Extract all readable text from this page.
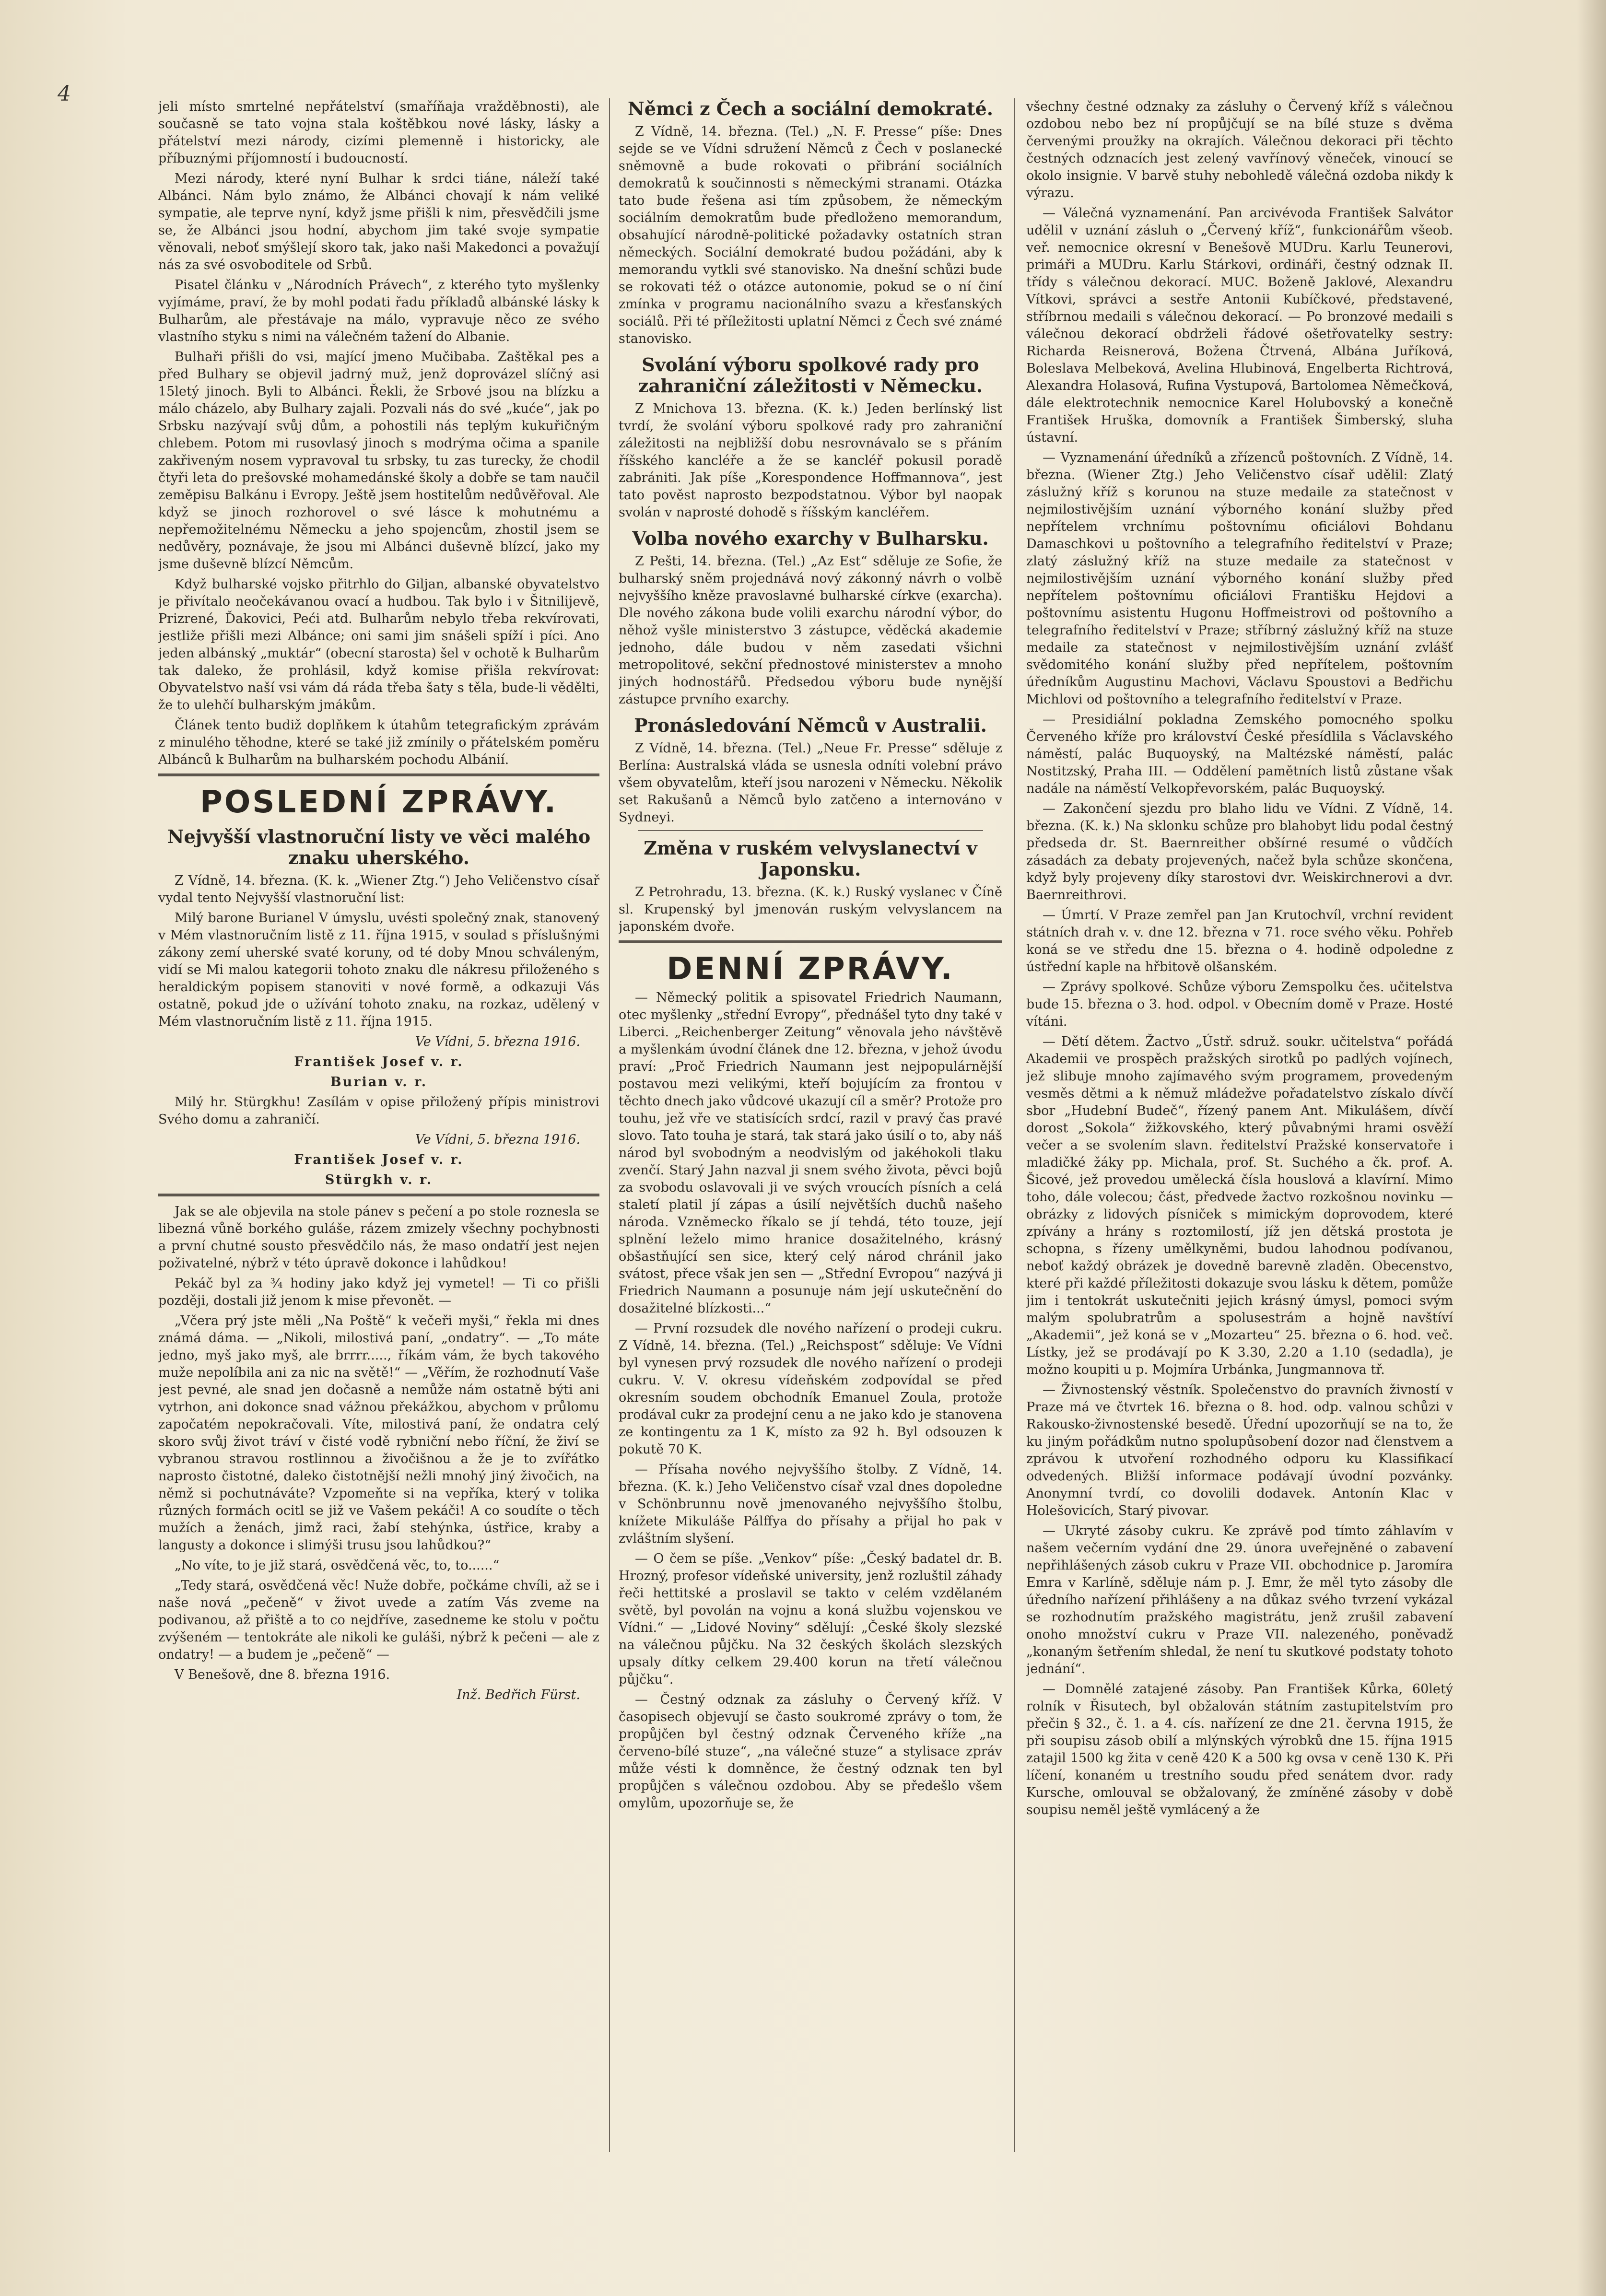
4

jeli místo smrtelné nepřátelství (smaříňaja vražděbnosti), ale současně se tato vojna stala koštěbkou nové lásky, lásky a přátelství mezi národy, cizími plemenně i historicky, ale příbuznými příjomností i budoucností.

Mezi národy, které nyní Bulhar k srdci tiáne, náleží také Albánci. Nám bylo známo, že Albánci chovají k nám veliké sympatie, ale teprve nyní, když jsme přišli k nim, přesvědčili jsme se, že Albánci jsou hodní, abychom jim také svoje sympatie věnovali, neboť smýšlejí skoro tak, jako naši Makedonci a považují nás za své osvoboditele od Srbů.

Pisatel článku v „Národních Právech“, z kterého tyto myšlenky vyjímáme, praví, že by mohl podati řadu příkladů albánské lásky k Bulharům, ale přestávaje na málo, vypravuje něco ze svého vlastního styku s nimi na válečném tažení do Albanie.

Bulhaři přišli do vsi, mající jmeno Mučibaba. Zaštěkal pes a před Bulhary se objevil jadrný muž, jenž doprovázel slíčný asi 15letý jinoch. Byli to Albánci. Řekli, že Srbové jsou na blízku a málo cházelo, aby Bulhary zajali. Pozvali nás do své „kuće“, jak po Srbsku nazývají svůj dům, a pohostili nás teplým kukuřičným chlebem. Potom mi rusovlasý jinoch s modrýma očima a spanile zakřiveným nosem vypravoval tu srbsky, tu zas turecky, že chodil čtyři leta do prešovské mohamedánské školy a dobře se tam naučil zeměpisu Balkánu i Evropy. Ještě jsem hostitelům nedůvěřoval. Ale když se jinoch rozhorovel o své lásce k mohutnému a nepřemožitelnému Německu a jeho spojencům, zhostil jsem se nedůvěry, poznávaje, že jsou mi Albánci duševně blízcí, jako my jsme duševně blízcí Němcům.

Když bulharské vojsko přitrhlo do Giljan, albanské obyvatelstvo je přivítalo neočekávanou ovací a hudbou. Tak bylo i v Šitnilijevě, Prizrené, Ďakovici, Peći atd. Bulharům nebylo třeba rekvírovati, jestliže přišli mezi Albánce; oni sami jim snášeli spíží i píci. Ano jeden albánský „muktár“ (obecní starosta) šel v ochotě k Bulharům tak daleko, že prohlásil, když komise přišla rekvírovat: Obyvatelstvo naší vsi vám dá ráda třeba šaty s těla, bude-li vědělti, že to ulehčí bulharským jmákům.

Článek tento budiž doplňkem k útahům tetegrafickým zprávám z minulého těhodne, které se také již zmínily o přátelském poměru Albánců k Bulharům na bulharském pochodu Albánií.

POSLEDNÍ ZPRÁVY.
Nejvyšší vlastnoruční listy ve věci malého znaku uherského.

Z Vídně, 14. března. (K. k. „Wiener Ztg.“) Jeho Veličenstvo císař vydal tento Nejvyšší vlastnoruční list:

Milý barone Burianel V úmyslu, uvésti společný znak, stanovený v Mém vlastnoručním listě z 11. října 1915, v soulad s příslušnými zákony zemí uherské svaté koruny, od té doby Mnou schváleným, vidí se Mi malou kategorii tohoto znaku dle nákresu přiloženého s heraldickým popisem stanoviti v nové formě, a odkazuji Vás ostatně, pokud jde o užívání tohoto znaku, na rozkaz, udělený v Mém vlastnoručním listě z 11. října 1915.

Ve Vídni, 5. března 1916.

František Josef v. r.

Burian v. r.

Milý hr. Stürgkhu! Zasílám v opise přiložený přípis ministrovi Svého domu a zahraničí.

Ve Vídni, 5. března 1916.

František Josef v. r.

Stürgkh v. r.

Jak se ale objevila na stole pánev s pečení a po stole roznesla se libezná vůně borkého guláše, rázem zmizely všechny pochybnosti a první chutné sousto přesvědčilo nás, že maso ondatří jest nejen poživatelné, nýbrž v této úpravě dokonce i lahůdkou!

Pekáč byl za ¾ hodiny jako když jej vymetel! — Ti co přišli později, dostali již jenom k mise převonět. —

„Včera prý jste měli „Na Poště“ k večeři myši,“ řekla mi dnes známá dáma. — „Nikoli, milostivá paní, „ondatry“. — „To máte jedno, myš jako myš, ale brrrr....., říkám vám, že bych takového muže nepolíbila ani za nic na světě!“ — „Věřím, že rozhodnutí Vaše jest pevné, ale snad jen dočasně a nemůže nám ostatně býti ani vytrhon, ani dokonce snad vážnou překážkou, abychom v průlomu započatém nepokračovali. Víte, milostivá paní, že ondatra celý skoro svůj život tráví v čisté vodě rybniční nebo říční, že živí se vybranou stravou rostlinnou a živočišnou a že je to zvířátko naprosto čistotné, daleko čistotnější nežli mnohý jiný živočich, na němž si pochutnáváte? Vzpomeňte si na vepříka, který v tolika různých formách ocitl se již ve Vašem pekáči! A co soudíte o těch mužích a ženách, jimž raci, žabí stehýnka, ústřice, kraby a langusty a dokonce i slimýši trusu jsou lahůdkou?“

„No víte, to je již stará, osvědčená věc, to, to......“

„Tedy stará, osvědčená věc! Nuže dobře, počkáme chvíli, až se i naše nová „pečeně“ v život uvede a zatím Vás zveme na podivanou, až přiště a to co nejdříve, zasedneme ke stolu v počtu zvýšeném — tentokráte ale nikoli ke guláši, nýbrž k pečeni — ale z ondatry! — a budem je „pečeně“ —

V Benešově, dne 8. března 1916.

Inž. Bedřich Fürst.

Němci z Čech a sociální demokraté.

Z Vídně, 14. března. (Tel.) „N. F. Presse“ píše: Dnes sejde se ve Vídni sdružení Němců z Čech v poslanecké sněmovně a bude rokovati o přibrání sociálních demokratů k součinnosti s německými stranami. Otázka tato bude řešena asi tím způsobem, že německým sociálním demokratům bude předloženo memorandum, obsahující národně-politické požadavky ostatních stran německých. Sociální demokraté budou požádáni, aby k memorandu vytkli své stanovisko. Na dnešní schůzi bude se rokovati též o otázce autonomie, pokud se o ní činí zmínka v programu nacionálního svazu a křesťanských sociálů. Při té příležitosti uplatní Němci z Čech své známé stanovisko.

Svolání výboru spolkové rady pro zahraniční záležitosti v Německu.

Z Mnichova 13. března. (K. k.) Jeden berlínský list tvrdí, že svolání výboru spolkové rady pro zahraniční záležitosti na nejbližší dobu nesrovnávalo se s přáním říšského kancléře a že se kancléř pokusil poradě zabrániti. Jak píše „Korespondence Hoffmannova“, jest tato pověst naprosto bezpodstatnou. Výbor byl naopak svolán v naprosté dohodě s říšským kancléřem.

Volba nového exarchy v Bulharsku.

Z Pešti, 14. března. (Tel.) „Az Est“ sděluje ze Sofie, že bulharský sněm projednává nový zákonný návrh o volbě nejvyššího kněze pravoslavné bulharské církve (exarcha). Dle nového zákona bude volili exarchu národní výbor, do něhož vyšle ministerstvo 3 zástupce, věděcká akademie jednoho, dále budou v něm zasedati všichni metropolitové, sekční přednostové ministerstev a mnoho jiných hodnostářů. Předsedou výboru bude nynější zástupce prvního exarchy.

Pronásledování Němců v Australii.

Z Vídně, 14. března. (Tel.) „Neue Fr. Presse“ sděluje z Berlína: Australská vláda se usnesla odníti volební právo všem obyvatelům, kteří jsou narozeni v Německu. Několik set Rakušanů a Němců bylo zatčeno a internováno v Sydneyi.

Změna v ruském velvyslanectví v Japonsku.

Z Petrohradu, 13. března. (K. k.) Ruský vyslanec v Číně sl. Krupenský byl jmenován ruským velvyslancem na japonském dvoře.

DENNÍ ZPRÁVY.

— Německý politik a spisovatel Friedrich Naumann, otec myšlenky „střední Evropy“, přednášel tyto dny také v Liberci. „Reichenberger Zeitung“ věnovala jeho návštěvě a myšlenkám úvodní článek dne 12. března, v jehož úvodu praví: „Proč Friedrich Naumann jest nejpopulárnější postavou mezi velikými, kteří bojujícím za frontou v těchto dnech jako vůdcové ukazují cíl a směr? Protože pro touhu, jež vře ve statisících srdcí, razil v pravý čas pravé slovo. Tato touha je stará, tak stará jako úsilí o to, aby náš národ byl svobodným a neodvislým od jakéhokoli tlaku zvenčí. Starý Jahn nazval ji snem svého života, pěvci bojů za svobodu oslavovali ji ve svých vroucích písních a celá staletí platil jí zápas a úsilí největších duchů našeho národa. Vzněmecko říkalo se jí tehdá, této touze, její splnění leželo mimo hranice dosažitelného, krásný obšastňující sen sice, který celý národ chránil jako svátost, přece však jen sen — „Střední Evropou“ nazývá ji Friedrich Naumann a posunuje nám její uskutečnění do dosažitelné blízkosti...“

— První rozsudek dle nového nařízení o prodeji cukru. Z Vídně, 14. března. (Tel.) „Reichspost“ sděluje: Ve Vídni byl vynesen prvý rozsudek dle nového nařízení o prodeji cukru. V. V. okresu vídeňském zodpovídal se před okresním soudem obchodník Emanuel Zoula, protože prodával cukr za prodejní cenu a ne jako kdo je stanovena ze kontingentu za 1 K, místo za 92 h. Byl odsouzen k pokutě 70 K.

— Přísaha nového nejvyššího štolby. Z Vídně, 14. března. (K. k.) Jeho Veličenstvo císař vzal dnes dopoledne v Schönbrunnu nově jmenovaného nejvyššího štolbu, knížete Mikuláše Pálffya do přísahy a přijal ho pak v zvláštním slyšení.

— O čem se píše. „Venkov“ píše: „Český badatel dr. B. Hrozný, profesor vídeňské university, jenž rozluštil záhady řeči hettitské a proslavil se takto v celém vzdělaném světě, byl povolán na vojnu a koná službu vojenskou ve Vídni.“ — „Lidové Noviny“ sdělují: „České školy slezské na válečnou půjčku. Na 32 českých školách slezských upsaly dítky celkem 29.400 korun na třetí válečnou půjčku“.

— Čestný odznak za zásluhy o Červený kříž. V časopisech objevují se často soukromé zprávy o tom, že propůjčen byl čestný odznak Červeného kříže „na červeno-bílé stuze“, „na válečné stuze“ a stylisace zpráv může vésti k domněnce, že čestný odznak ten byl propůjčen s válečnou ozdobou. Aby se předešlo všem omylům, upozorňuje se, že

všechny čestné odznaky za zásluhy o Červený kříž s válečnou ozdobou nebo bez ní propůjčují se na bílé stuze s dvěma červenými proužky na okrajích. Válečnou dekoraci při těchto čestných odznacích jest zelený vavřínový věneček, vinoucí se okolo insignie. V barvě stuhy nebohledě válečná ozdoba nikdy k výrazu.

— Válečná vyznamenání. Pan arcivévoda František Salvátor udělil v uznání zásluh o „Červený kříž“, funkcionářům všeob. veř. nemocnice okresní v Benešově MUDru. Karlu Teunerovi, primáři a MUDru. Karlu Stárkovi, ordináři, čestný odznak II. třídy s válečnou dekorací. MUC. Boženě Jaklové, Alexandru Vítkovi, správci a sestře Antonii Kubíčkové, představené, stříbrnou medaili s válečnou dekorací. — Po bronzové medaili s válečnou dekorací obdrželi řádové ošetřovatelky sestry: Richarda Reisnerová, Božena Čtrvená, Albána Juříková, Boleslava Melbeková, Avelina Hlubinová, Engelberta Richtrová, Alexandra Holasová, Rufina Vystupová, Bartolomea Němečková, dále elektrotechnik nemocnice Karel Holubovský a konečně František Hruška, domovník a František Šimberský, sluha ústavní.

— Vyznamenání úředníků a zřízenců poštovních. Z Vídně, 14. března. (Wiener Ztg.) Jeho Veličenstvo císař udělil: Zlatý záslužný kříž s korunou na stuze medaile za statečnost v nejmilostivějším uznání výborného konání služby před nepřítelem vrchnímu poštovnímu oficiálovi Bohdanu Damaschkovi u poštovního a telegrafního ředitelství v Praze; zlatý záslužný kříž na stuze medaile za statečnost v nejmilostivějším uznání výborného konání služby před nepřítelem poštovnímu oficiálovi Františku Hejdovi a poštovnímu asistentu Hugonu Hoffmeistrovi od poštovního a telegrafního ředitelství v Praze; stříbrný záslužný kříž na stuze medaile za statečnost v nejmilostivějším uznání zvlášť svědomitého konání služby před nepřítelem, poštovním úředníkům Augustinu Machovi, Václavu Spoustovi a Bedřichu Michlovi od poštovního a telegrafního ředitelství v Praze.

— Presidiální pokladna Zemského pomocného spolku Červeného kříže pro království České přesídlila s Václavského náměstí, palác Buquoyský, na Maltézské náměstí, palác Nostitzský, Praha III. — Oddělení pamětních listů zůstane však nadále na náměstí Velkopřevorském, palác Buquoyský.

— Zakončení sjezdu pro blaho lidu ve Vídni. Z Vídně, 14. března. (K. k.) Na sklonku schůze pro blahobyt lidu podal čestný předseda dr. St. Baernreither obšírné resumé o vůdčích zásadách za debaty projevených, načež byla schůze skončena, když byly projeveny díky starostovi dvr. Weiskirchnerovi a dvr. Baernreithrovi.

— Úmrtí. V Praze zemřel pan Jan Krutochvíl, vrchní revident státních drah v. v. dne 12. března v 71. roce svého věku. Pohřeb koná se ve středu dne 15. března o 4. hodině odpoledne z ústřední kaple na hřbitově olšanském.

— Zprávy spolkové. Schůze výboru Zemspolku čes. učitelstva bude 15. března o 3. hod. odpol. v Obecním domě v Praze. Hosté vítáni.

— Dětí dětem. Žactvo „Ústř. sdruž. soukr. učitelstva“ pořádá Akademii ve prospěch pražských sirotků po padlých vojínech, jež slibuje mnoho zajímavého svým programem, provedeným vesměs dětmi a k němuž mládežve pořadatelstvo získalo dívčí sbor „Hudební Budeč“, řízený panem Ant. Mikulášem, dívčí dorost „Sokola“ žižkovského, který půvabnými hrami osvěží večer a se svolením slavn. ředitelství Pražské konservatoře i mladičké žáky pp. Michala, prof. St. Suchého a čk. prof. A. Šicové, jež provedou umělecká čísla houslová a klavírní. Mimo toho, dále volecou; část, předvede žactvo rozkošnou novinku — obrázky z lidových písniček s mimickým doprovodem, které zpívány a hrány s roztomilostí, jíž jen dětská prostota je schopna, s řízeny umělkyněmi, budou lahodnou podívanou, neboť každý obrázek je dovedně barevně zladěn. Obecenstvo, které při každé příležitosti dokazuje svou lásku k dětem, pomůže jim i tentokrát uskutečniti jejich krásný úmysl, pomoci svým malým spolubratrům a spolusestrám a hojně navštíví „Akademii“, jež koná se v „Mozarteu“ 25. března o 6. hod. več. Lístky, jež se prodávají po K 3.30, 2.20 a 1.10 (sedadla), je možno koupiti u p. Mojmíra Urbánka, Jungmannova tř.

— Živnostenský věstník. Společenstvo do pravních živností v Praze má ve čtvrtek 16. března o 8. hod. odp. valnou schůzi v Rakousko-živnostenské besedě. Úřední upozorňují se na to, že ku jiným pořádkům nutno spolupůsobení dozor nad členstvem a zprávou k utvoření rozhodného odporu ku Klassifikací odvedených. Bližší informace podávají úvodní pozvánky. Anonymní tvrdí, co dovolili dodavek. Antonín Klac v Holešovicích, Starý pivovar.

— Ukryté zásoby cukru. Ke zprávě pod tímto záhlavím v našem večerním vydání dne 29. února uveřejněné o zabavení nepřihlášených zásob cukru v Praze VII. obchodnice p. Jaromíra Emra v Karlíně, sděluje nám p. J. Emr, že měl tyto zásoby dle úředního nařízení přihlášeny a na důkaz svého tvrzení vykázal se rozhodnutím pražského magistrátu, jenž zrušil zabavení onoho množství cukru v Praze VII. nalezeného, poněvadž „konaným šetřením shledal, že není tu skutkové podstaty tohoto jednání“.

— Domnělé zatajené zásoby. Pan František Kůrka, 60letý rolník v Řisutech, byl obžalován státním zastupitelstvím pro přečin § 32., č. 1. a 4. cís. nařízení ze dne 21. června 1915, že při soupisu zásob obilí a mlýnských výrobků dne 15. října 1915 zatajil 1500 kg žita v ceně 420 K a 500 kg ovsa v ceně 130 K. Při líčení, konaném u trestního soudu před senátem dvor. rady Kursche, omlouval se obžalovaný, že zmíněné zásoby v době soupisu neměl ještě vymlácený a že
